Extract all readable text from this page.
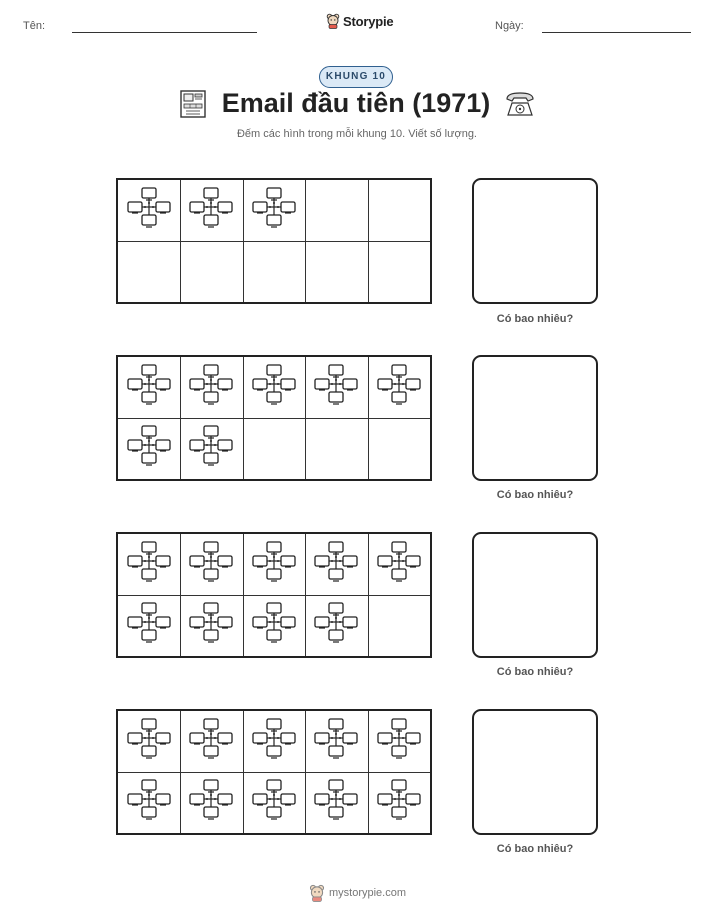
Tên:	Storypie	Ngày:
KHUNG 10
Email đầu tiên (1971)
Đếm các hình trong mỗi khung 10. Viết số lượng.
Có bao nhiêu?
Có bao nhiêu?
Có bao nhiêu?
Có bao nhiêu?
mystorypie.com
